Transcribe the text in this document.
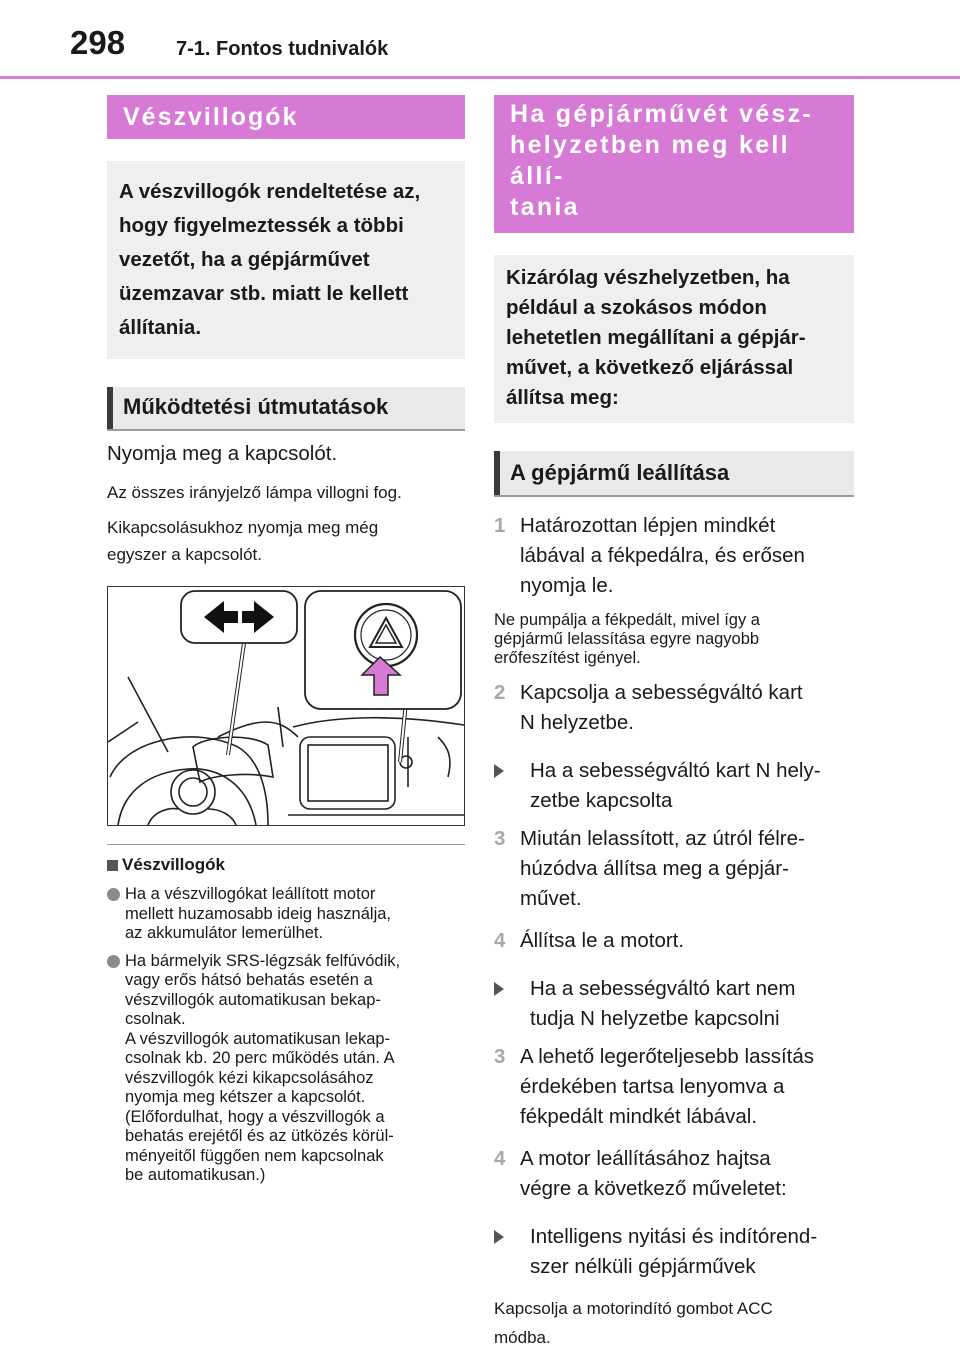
298	7-1. Fontos tudnivalók
Vészvillogók
A vészvillogók rendeltetése az,
hogy figyelmeztessék a többi
vezetőt, ha a gépjárművet
üzemzavar stb. miatt le kellett
állítania.
Működtetési útmutatások

Nyomja meg a kapcsolót.

Az összes irányjelző lámpa villogni fog.

Kikapcsolásukhoz nyomja meg még

egyszer a kapcsolót.

Vészvillogók
Ha a vészvillogókat leállított motor
mellett huzamosabb ideig használja,
az akkumulátor lemerülhet.
Ha bármelyik SRS-légzsák felfúvódik,
vagy erős hátsó behatás esetén a
vészvillogók automatikusan bekap-
csolnak.
A vészvillogók automatikusan lekap-
csolnak kb. 20 perc működés után. A
vészvillogók kézi kikapcsolásához
nyomja meg kétszer a kapcsolót.
(Előfordulhat, hogy a vészvillogók a
behatás erejétől és az ütközés körül-
ményeitől függően nem kapcsolnak
be automatikusan.)
Ha gépjárművét vész-
helyzetben meg kell állí-
tania
Kizárólag vészhelyzetben, ha
például a szokásos módon
lehetetlen megállítani a gépjár-
művet, a következő eljárással
állítsa meg:
A gépjármű leállítása
1 Határozottan lépjen mindkét
lábával a fékpedálra, és erősen
nyomja le.

Ne pumpálja a fékpedált, mivel így a

gépjármű lelassítása egyre nagyobb

erőfeszítést igényel.

2 Kapcsolja a sebességváltó kart
N helyzetbe.
Ha a sebességváltó kart N hely-
zetbe kapcsolta
3 Miután lelassított, az útról félre-
húzódva állítsa meg a gépjár-
művet.
4 Állítsa le a motort.
Ha a sebességváltó kart nem
tudja N helyzetbe kapcsolni
3 A lehető legerőteljesebb lassítás
érdekében tartsa lenyomva a
fékpedált mindkét lábával.
4 A motor leállításához hajtsa
végre a következő műveletet:
Intelligens nyitási és indítórend-
szer nélküli gépjárművek

Kapcsolja a motorindító gombot ACC

módba.
